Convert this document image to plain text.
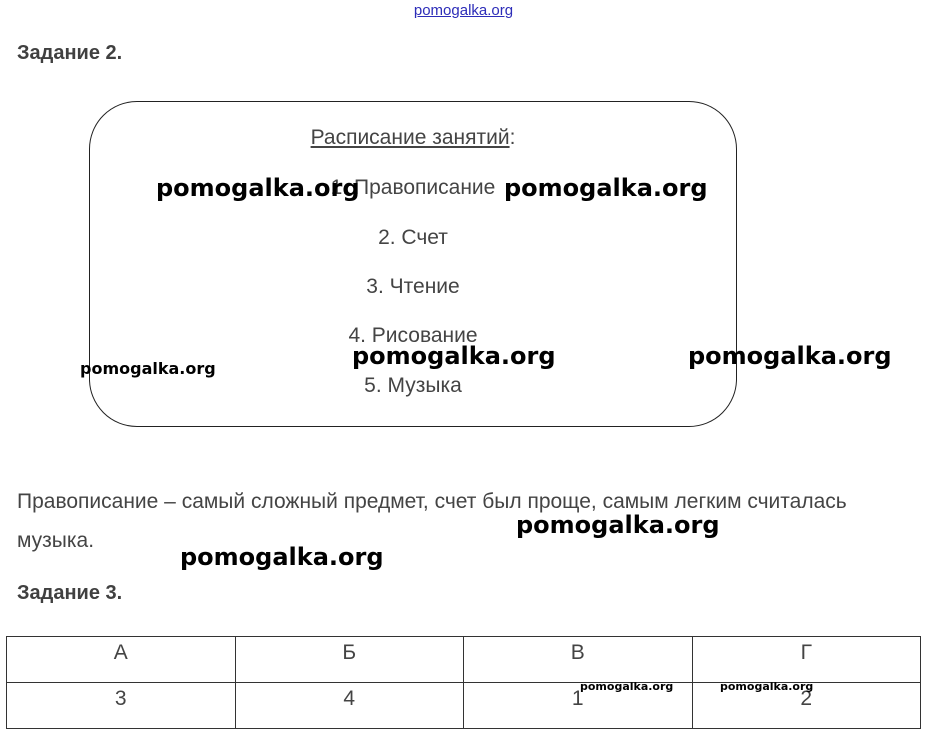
pomogalka.org
Задание 2.
Расписание занятий:
1. Правописание
2. Счет
3. Чтение
4. Рисование
5. Музыка
Правописание – самый сложный предмет, счет был проще, самым легким считалась музыка.
Задание 3.
А	Б	В	Г
3	4	1	2
pomogalka.org	pomogalka.org
pomogalka.org	pomogalka.org	pomogalka.org
pomogalka.org
pomogalka.org
pomogalka.org	pomogalka.org
